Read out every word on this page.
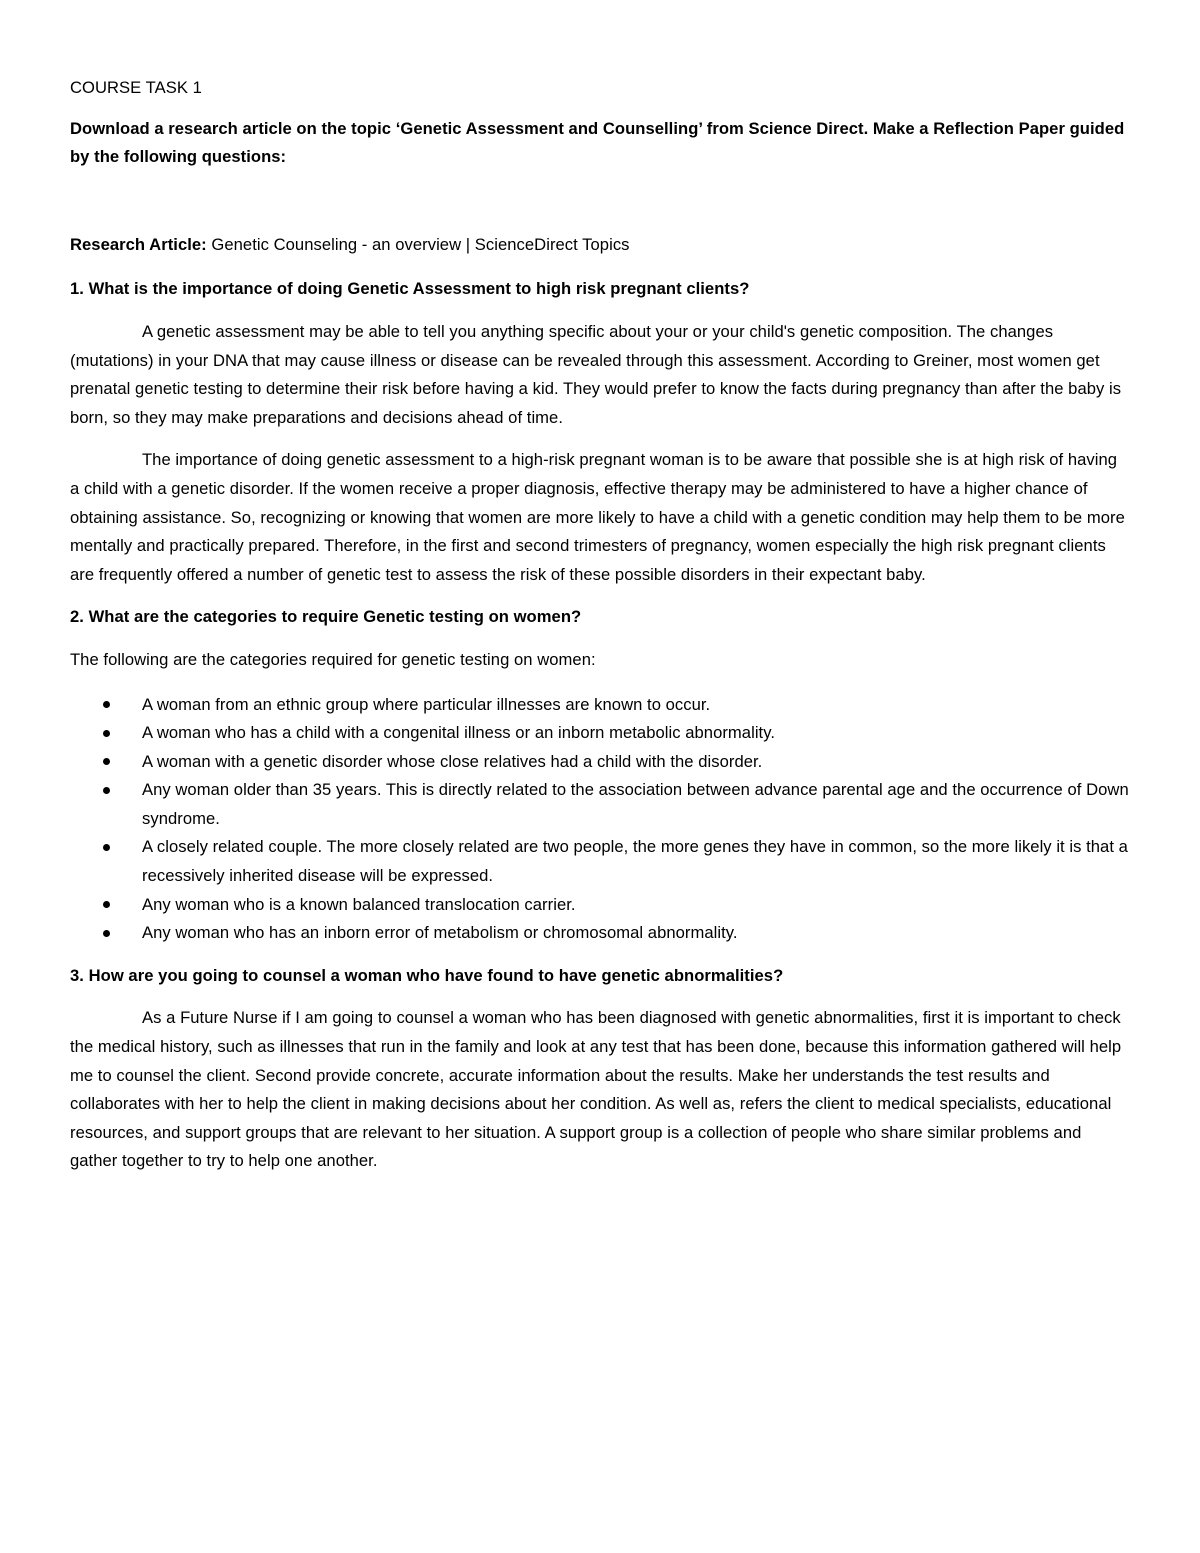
COURSE TASK 1

Download a research article on the topic ‘Genetic Assessment and Counselling’ from Science Direct. Make a Reflection Paper guided by the following questions:

Research Article: Genetic Counseling - an overview | ScienceDirect Topics

1. What is the importance of doing Genetic Assessment to high risk pregnant clients?

A genetic assessment may be able to tell you anything specific about your or your child's genetic composition. The changes (mutations) in your DNA that may cause illness or disease can be revealed through this assessment. According to Greiner, most women get prenatal genetic testing to determine their risk before having a kid. They would prefer to know the facts during pregnancy than after the baby is born, so they may make preparations and decisions ahead of time.

The importance of doing genetic assessment to a high-risk pregnant woman is to be aware that possible she is at high risk of having a child with a genetic disorder. If the women receive a proper diagnosis, effective therapy may be administered to have a higher chance of obtaining assistance. So, recognizing or knowing that women are more likely to have a child with a genetic condition may help them to be more mentally and practically prepared. Therefore, in the first and second trimesters of pregnancy, women especially the high risk pregnant clients are frequently offered a number of genetic test to assess the risk of these possible disorders in their expectant baby.

2. What are the categories to require Genetic testing on women?

The following are the categories required for genetic testing on women:

A woman from an ethnic group where particular illnesses are known to occur.
A woman who has a child with a congenital illness or an inborn metabolic abnormality.
A woman with a genetic disorder whose close relatives had a child with the disorder.
Any woman older than 35 years. This is directly related to the association between advance parental age and the occurrence of Down syndrome.
A closely related couple. The more closely related are two people, the more genes they have in common, so the more likely it is that a recessively inherited disease will be expressed.
Any woman who is a known balanced translocation carrier.
Any woman who has an inborn error of metabolism or chromosomal abnormality.

3. How are you going to counsel a woman who have found to have genetic abnormalities?

As a Future Nurse if I am going to counsel a woman who has been diagnosed with genetic abnormalities, first it is important to check the medical history, such as illnesses that run in the family and look at any test that has been done, because this information gathered will help me to counsel the client. Second provide concrete, accurate information about the results. Make her understands the test results and collaborates with her to help the client in making decisions about her condition. As well as, refers the client to medical specialists, educational resources, and support groups that are relevant to her situation. A support group is a collection of people who share similar problems and gather together to try to help one another.
